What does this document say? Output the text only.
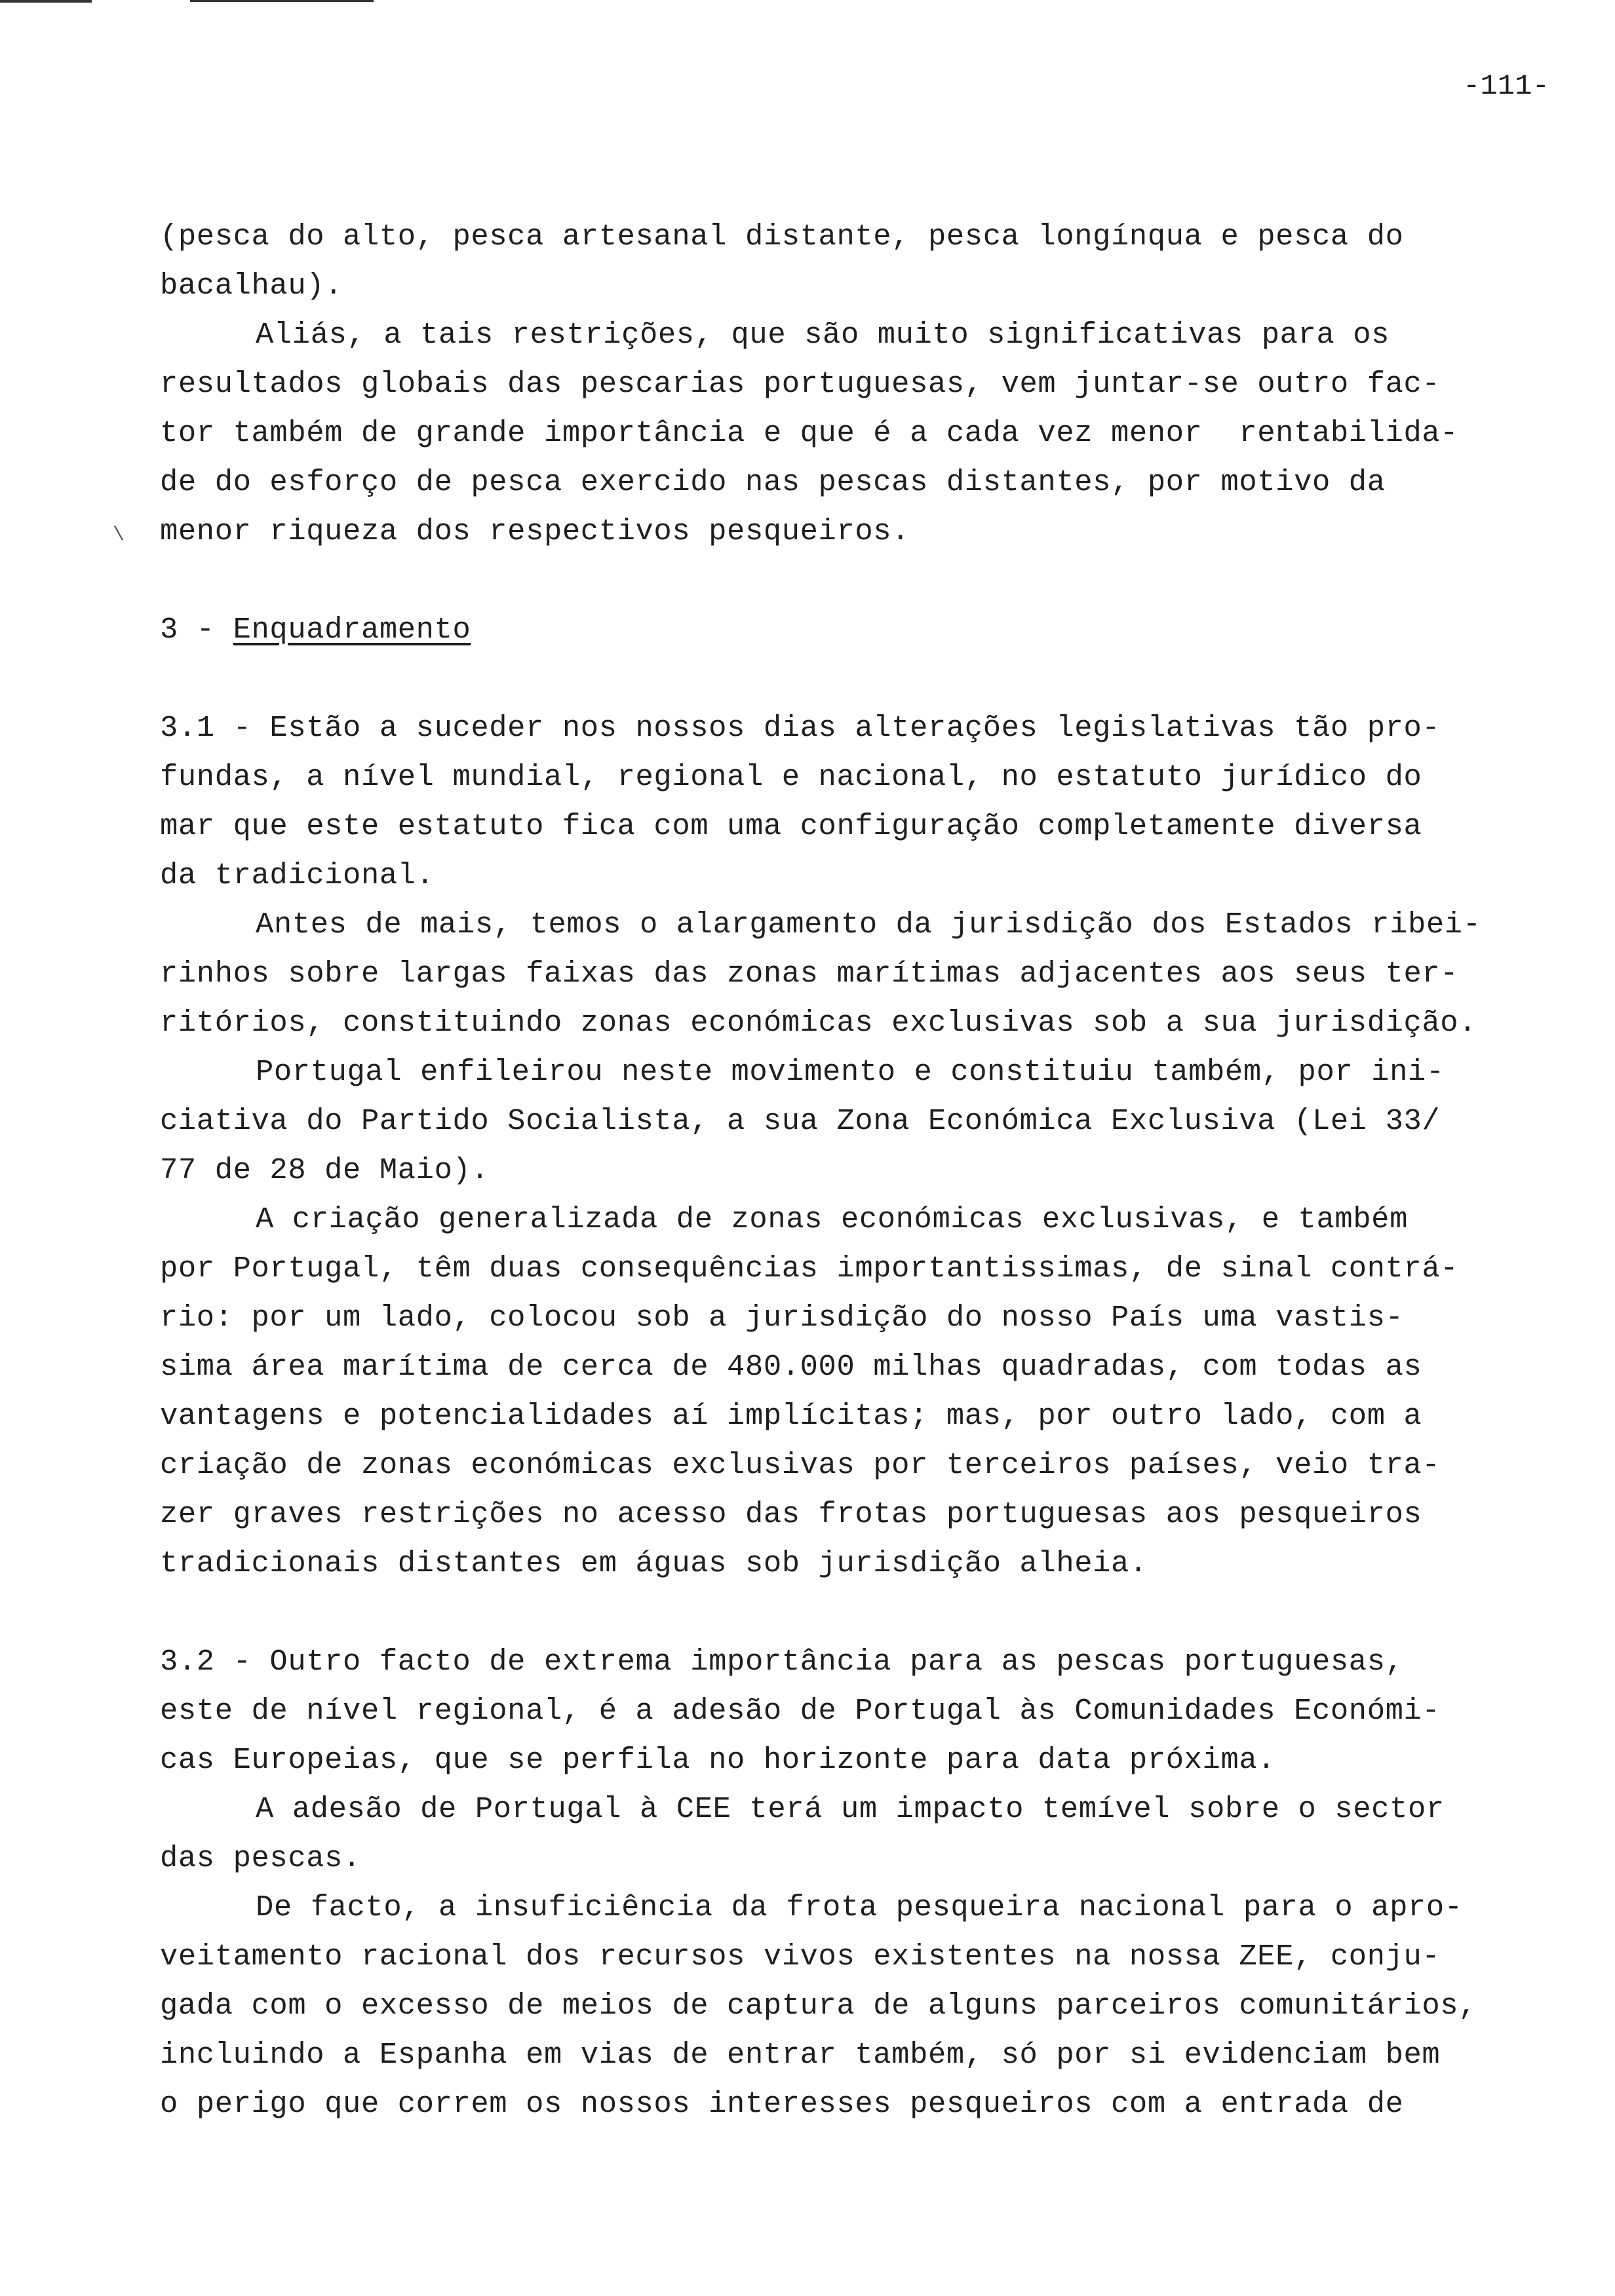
-111-
\
(pesca do alto, pesca artesanal distante, pesca longínqua e pesca do
bacalhau).
Aliás, a tais restrições, que são muito significativas para os
resultados globais das pescarias portuguesas, vem juntar-se outro fac-
tor também de grande importância e que é a cada vez menor  rentabilida-
de do esforço de pesca exercido nas pescas distantes, por motivo da
menor riqueza dos respectivos pesqueiros.
3 - Enquadramento
3.1 - Estão a suceder nos nossos dias alterações legislativas tão pro-
fundas, a nível mundial, regional e nacional, no estatuto jurídico do
mar que este estatuto fica com uma configuração completamente diversa
da tradicional.
Antes de mais, temos o alargamento da jurisdição dos Estados ribei-
rinhos sobre largas faixas das zonas marítimas adjacentes aos seus ter-
ritórios, constituindo zonas económicas exclusivas sob a sua jurisdição.
Portugal enfileirou neste movimento e constituiu também, por ini-
ciativa do Partido Socialista, a sua Zona Económica Exclusiva (Lei 33/
77 de 28 de Maio).
A criação generalizada de zonas económicas exclusivas, e também
por Portugal, têm duas consequências importantissimas, de sinal contrá-
rio: por um lado, colocou sob a jurisdição do nosso País uma vastis-
sima área marítima de cerca de 480.000 milhas quadradas, com todas as
vantagens e potencialidades aí implícitas; mas, por outro lado, com a
criação de zonas económicas exclusivas por terceiros países, veio tra-
zer graves restrições no acesso das frotas portuguesas aos pesqueiros
tradicionais distantes em águas sob jurisdição alheia.
3.2 - Outro facto de extrema importância para as pescas portuguesas,
este de nível regional, é a adesão de Portugal às Comunidades Económi-
cas Europeias, que se perfila no horizonte para data próxima.
A adesão de Portugal à CEE terá um impacto temível sobre o sector
das pescas.
De facto, a insuficiência da frota pesqueira nacional para o apro-
veitamento racional dos recursos vivos existentes na nossa ZEE, conju-
gada com o excesso de meios de captura de alguns parceiros comunitários,
incluindo a Espanha em vias de entrar também, só por si evidenciam bem
o perigo que correm os nossos interesses pesqueiros com a entrada de
